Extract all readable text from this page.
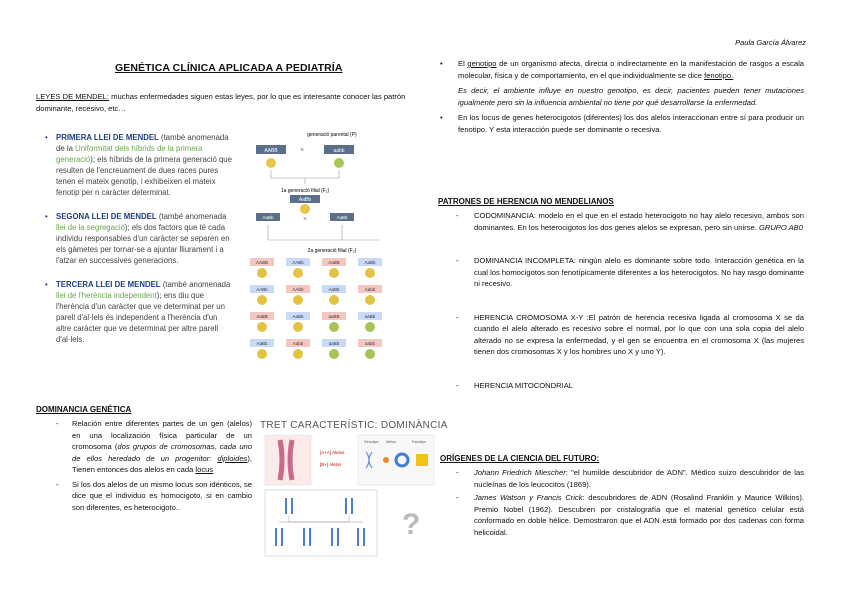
Paula García Álvarez
GENÉTICA CLÍNICA APLICADA A PEDIATRÍA
LEYES DE MENDEL: muchas enfermedades siguen estas leyes, por lo que es interesante conocer las patrón dominante, recesivo, etc…
• PRIMERA LLEI DE MENDEL (també anomenada de la Uniformitat dels híbrids de la primera generació); els híbrids de la primera generació que resulten de l'encreuament de dues races pures tenen el mateix genotip, i exhibeixen el mateix fenotip per n caràcter determinat.
• SEGONA LLEI DE MENDEL (també anomenada llei de la segregació); els dos factors que té cada individu responsables d'un caràcter se separen en els gàmetes per tornar-se a ajuntar lliurament i a l'atzar en successives generacions.
• TERCERA LLEI DE MENDEL (també anomenada llei de l'herència independent); ens diu que l'herència d'un caràcter que ve determinat per un parell d'al·lels és independent a l'herència d'un altre caràcter que ve determinat per altre parell d'al·lels.
generació parental (P)
AABB	×	aabb
1a generació filial (F₁)
AaBb
AaBb	×	AaBb
2a generació filial (F₂)
AABB	AABb	AaBB	AaBb
AABb	AAbb	AaBb	Aabb
AaBB	AaBb	aaBB	aaBb
AaBb	Aabb	aaBb	aabb
DOMINANCIA GENÉTICA
- Relación entre diferentes partes de un gen (alelos) en una localización física particular de un cromosoma (dos grupos de cromosomas, cada uno de ellos heredado de un progenitor: diploides), Tienen entonces dos alelos en cada locus
- Si los dos alelos de un mismo locus son idénticos, se dice que el individuo es homocigoto, si en cambio son diferentes, es heterocigoto..
TRET CARACTERÍSTIC: DOMINÀNCIA
[A+A] Alelos
[B+] Alelos
Genotipo Alelos	Fenotipo
?
• El genotipo de un organismo afecta, directa o indirectamente en la manifestación de rasgos a escala molecular, física y de comportamiento, en el que individualmente se dice fenotipo.
Es decir, el ambiente influye en nuestro genotipo, es decir, pacientes pueden tener mutaciones igualmente pero sin la influencia ambiental no tiene por qué desarrollarse la enfermedad.
• En los locus de genes heterocigotos (diferentes) los dos alelos interaccionan entre sí para producir un fenotipo. Y esta interacción puede ser dominante o recesiva.
PATRONES DE HERENCIA NO MENDELIANOS
- CODOMINANCIA: modelo en el que en el estado heterocigoto no hay alelo recesivo, ambos son dominantes. En los heterocigotos los dos genes alelos se expresan, pero sin unirse. GRUPO AB0
- DOMINANCIA INCOMPLETA: ningún alelo es dominante sobre todo. Interacción genética en la cual los homocigotos son fenotípicamente diferentes a los heterocigotos. No hay rasgo dominante ni recesivo.
- HERENCIA CROMOSOMA X-Y :El patrón de herencia recesiva ligada al cromosoma X se da cuando el alelo alterado es recesivo sobre el normal, por lo que con una sola copia del alelo alterado no se expresa la enfermedad, y el gen se encuentra en el cromosoma X (las mujeres tienen dos cromosomas X y los hombres uno X y uno Y).
- HERENCIA MITOCONDRIAL
ORÍGENES DE LA CIENCIA DEL FUTURO:
- Johann Friedrich Miescher: "el humilde descubridor de ADN". Médico suizo descubridor de las nucleínas de los leucocitos (1869).
- James Watson y Francis Crick: descubridores de ADN (Rosalind Franklin y Maurice Wilkins). Premio Nobel (1962). Descubren por cristalografía que el material genético celular está conformado en doble hélice. Demostraron que el ADN está formado por dos cadenas con forma helicoidal.
